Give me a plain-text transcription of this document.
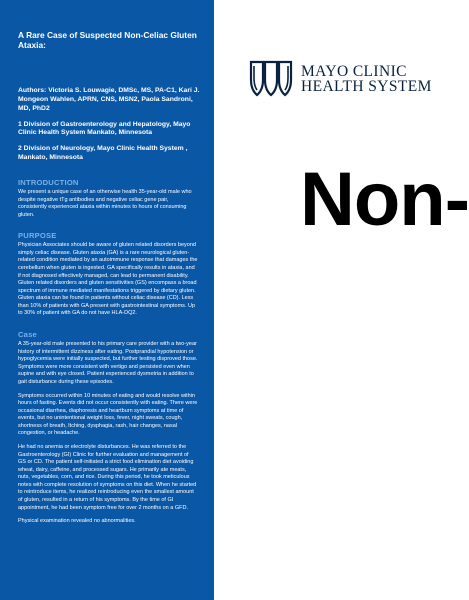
A Rare Case of Suspected Non-Celiac Gluten Ataxia:
Authors: Victoria S. Louwagie, DMSc, MS, PA-C1, Kari J. Mongeon Wahlen, APRN, CNS, MSN2, Paola Sandroni, MD, PhD2
1 Division of Gastroenterology and Hepatology, Mayo Clinic Health System Mankato, Minnesota
2 Division of Neurology, Mayo Clinic Health System , Mankato, Minnesota
INTRODUCTION
We present a unique case of an otherwise health 35-year-old male who despite negative tTg antibodies and negative celiac gene pair, consistently experienced ataxia within minutes to hours of consuming gluten.
PURPOSE
Physician Associates should be aware of gluten related disorders beyond simply celiac disease. Gluten ataxia (GA) is a rare neurological gluten-related condition mediated by an autoimmune response that damages the cerebellum when gluten is ingested. GA specifically results in ataxia, and if not diagnosed effectively managed, can lead to permanent disability. Gluten related disorders and gluten sensitivities (GS) encompass a broad spectrum of immune mediated manifestations triggered by dietary gluten. Gluten ataxia can be found in patients without celiac disease (CD). Less than 10% of patients with GA present with gastrointestinal symptoms. Up to 30% of patient with GA do not have HLA-DQ2.
Case
A 35-year-old male presented to his primary care provider with a two-year history of intermittent dizziness after eating. Postprandial hypotension or hypoglycemia were initially suspected, but further testing disproved those. Symptoms were more consistent with vertigo and persisted even when supine and with eye closed. Patient experienced dysmetria in addition to gait disturbance during these episodes.
Symptoms occurred within 10 minutes of eating and would resolve within hours of fasting. Events did not occur consistently with eating. There were occasional diarrhea, diaphoresis and heartburn symptoms at time of events, but no unintentional weight loss, fever, night sweats, cough, shortness of breath, Itching, dysphagia, rash, hair changes, nasal congestion, or headache.
He had no anemia or electrolyte disturbances. He was referred to the Gastroenterology (GI) Clinic for further evaluation and management of GS or CD. The patient self-initiated a strict food elimination diet avoiding wheat, dairy, caffeine, and processed sugars. He primarily ate meats, nuts, vegetables, corn, and rice. During this period, he took meticulous notes with complete resolution of symptoms on this diet. When he started to reintroduce items, he realized reintroducing even the smallest amount of gluten, resulted in a return of his symptoms. By the time of GI appointment, he had been symptom free for over 2 months on a GFD.
Physical examination revealed no abnormalities.
MAYO CLINIC
HEALTH SYSTEM
Non-
